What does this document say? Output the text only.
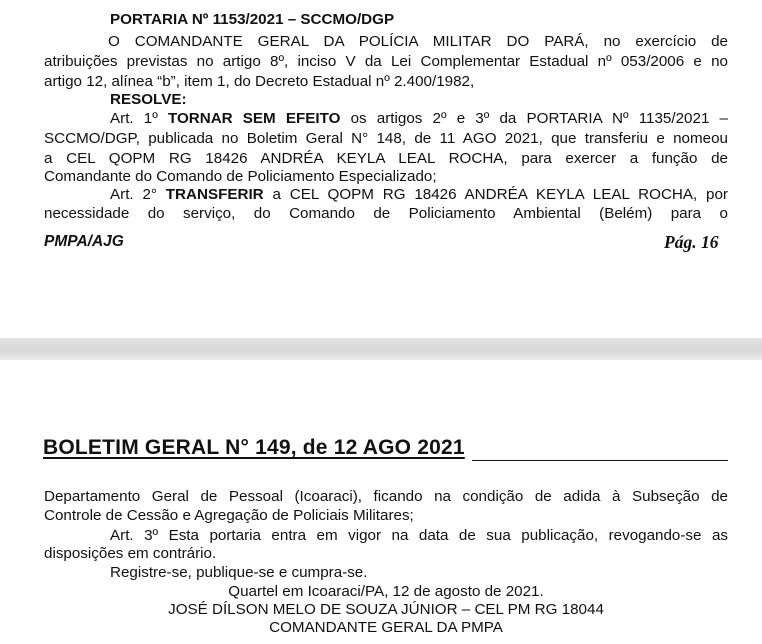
PORTARIA Nº 1153/2021 – SCCMO/DGP

O COMANDANTE GERAL DA POLÍCIA MILITAR DO PARÁ, no exercício de

atribuições previstas no artigo 8º, inciso V da Lei Complementar Estadual nº 053/2006 e no

artigo 12, alínea “b”, item 1, do Decreto Estadual nº 2.400/1982,

RESOLVE:

Art. 1º TORNAR SEM EFEITO os artigos 2º e 3º da PORTARIA Nº 1135/2021 –

SCCMO/DGP, publicada no Boletim Geral N° 148, de 11 AGO 2021, que transferiu e nomeou

a CEL QOPM RG 18426 ANDRÉA KEYLA LEAL ROCHA, para exercer a função de

Comandante do Comando de Policiamento Especializado;

Art. 2° TRANSFERIR a CEL QOPM RG 18426 ANDRÉA KEYLA LEAL ROCHA, por

necessidade do serviço, do Comando de Policiamento Ambiental (Belém) para o

PMPA/AJG	Pág. 16
BOLETIM GERAL N° 149, de 12 AGO 2021

Departamento Geral de Pessoal (Icoaraci), ficando na condição de adida à Subseção de

Controle de Cessão e Agregação de Policiais Militares;

Art. 3º Esta portaria entra em vigor na data de sua publicação, revogando-se as

disposições em contrário.

Registre-se, publique-se e cumpra-se.

Quartel em Icoaraci/PA, 12 de agosto de 2021.

JOSÉ DÍLSON MELO DE SOUZA JÚNIOR – CEL PM RG 18044

COMANDANTE GERAL DA PMPA
